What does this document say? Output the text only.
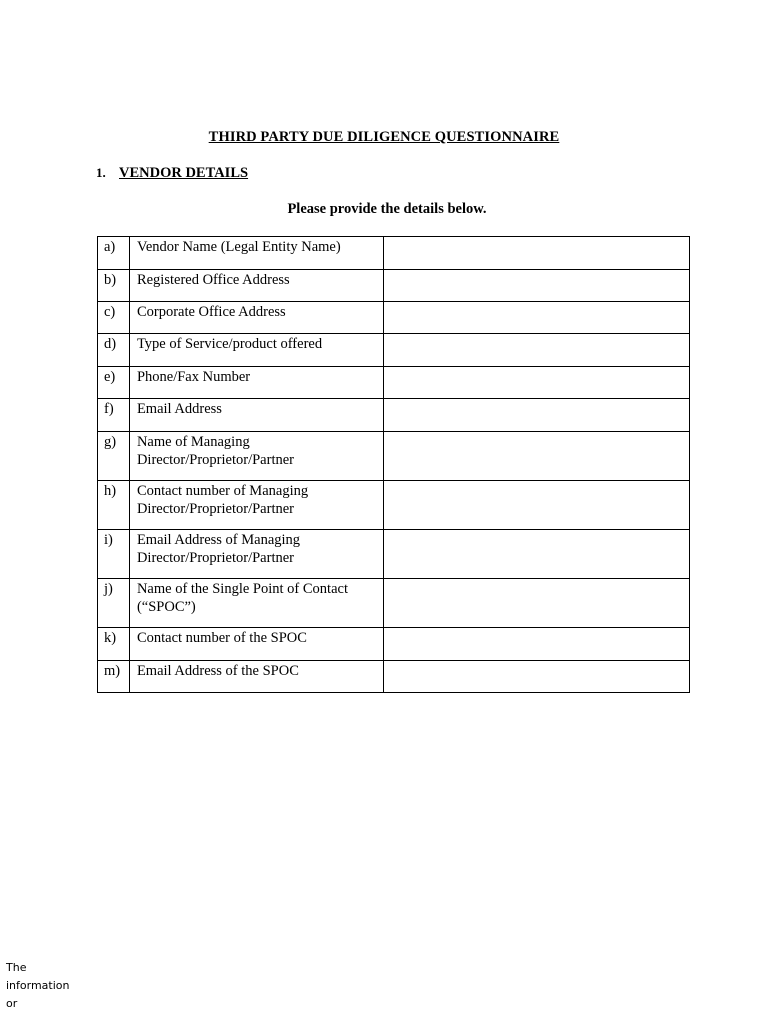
THIRD PARTY DUE DILIGENCE QUESTIONNAIRE
1. VENDOR DETAILS
Please provide the details below.
a)	Vendor Name (Legal Entity Name)	

b)	Registered Office Address	

c)	Corporate Office Address	

d)	Type of Service/product offered	

e)	Phone/Fax Number	

f)	Email Address	

g)	Name of Managing Director/Proprietor/Partner	

h)	Contact number of Managing Director/Proprietor/Partner	

i)	Email Address of Managing Director/Proprietor/Partner	

j)	Name of the Single Point of Contact (“SPOC”)	

k)	Contact number of the SPOC	

m)	Email Address of the SPOC	

The information or
